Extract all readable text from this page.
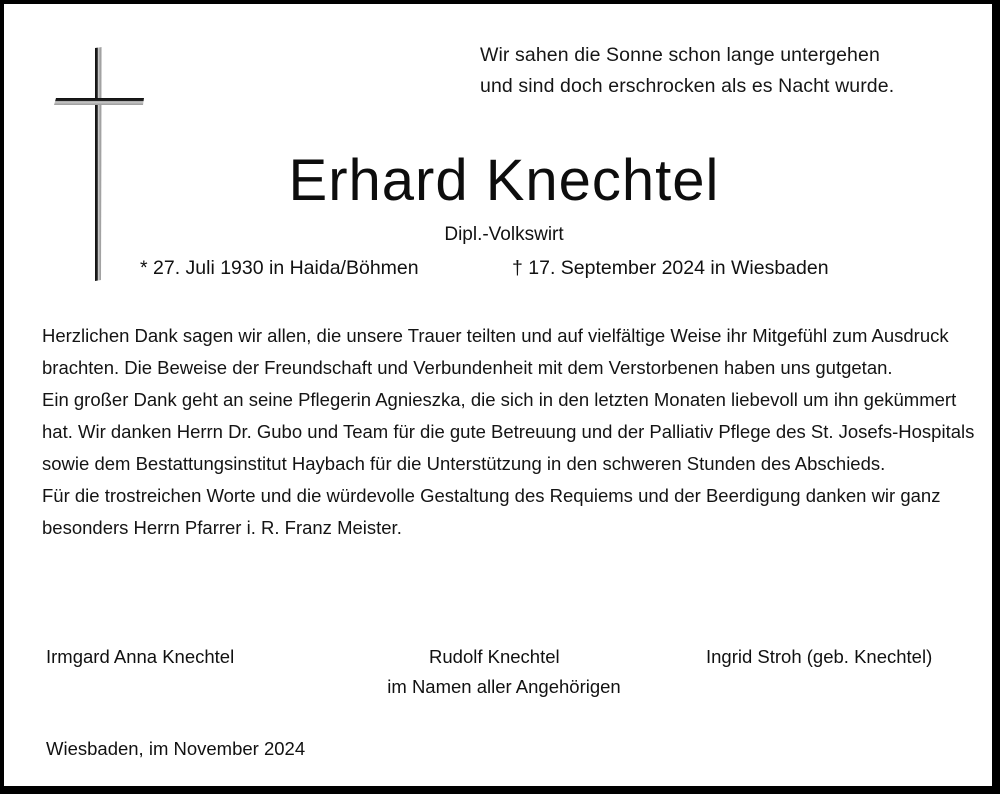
Wir sahen die Sonne schon lange untergehen
und sind doch erschrocken als es Nacht wurde.
Erhard Knechtel
Dipl.-Volkswirt
* 27. Juli 1930 in Haida/Böhmen	† 17. September 2024 in Wiesbaden

Herzlichen Dank sagen wir allen, die unsere Trauer teilten und auf vielfältige Weise ihr Mitgefühl zum Ausdruck brachten. Die Beweise der Freundschaft und Verbundenheit mit dem Verstorbenen haben uns gutgetan.

Ein großer Dank geht an seine Pflegerin Agnieszka, die sich in den letzten Monaten liebevoll um ihn gekümmert hat. Wir danken Herrn Dr. Gubo und Team für die gute Betreuung und der Palliativ Pflege des St. Josefs-Hospitals sowie dem Bestattungsinstitut Haybach für die Unterstützung in den schweren Stunden des Abschieds.

Für die trostreichen Worte und die würdevolle Gestaltung des Requiems und der Beerdigung danken wir ganz besonders Herrn Pfarrer i. R. Franz Meister.

Irmgard Anna Knechtel	Rudolf Knechtel	Ingrid Stroh (geb. Knechtel)
im Namen aller Angehörigen
Wiesbaden, im November 2024
